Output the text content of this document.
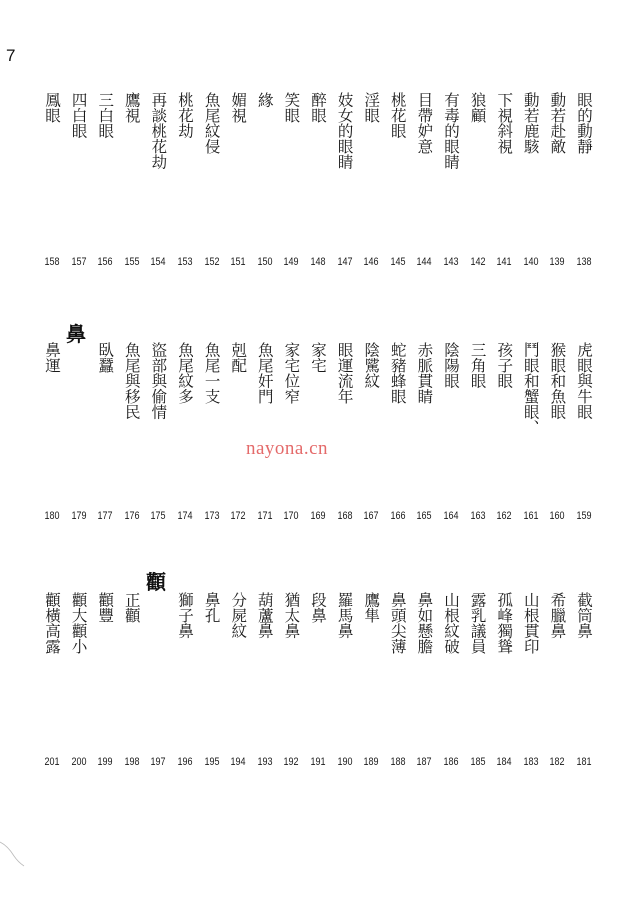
7
眼的動靜
動若赴敵
動若鹿駭
下視斜視
狼顧
有毒的眼睛
目帶妒意
桃花眼
淫眼
妓女的眼睛
醉眼
笑眼
緣
媚視
魚尾紋侵
桃花劫
再談桃花劫
鷹視
三白眼
四白眼
鳳眼
138
139
140
141
142
143
144
145
146
147
148
149
150
151
152
153
154
155
156
157
158
鼻
虎眼與牛眼
猴眼和魚眼
鬥眼和蟹眼、
孩子眼
三角眼
陰陽眼
赤脈貫睛
蛇豬蜂眼
陰騭紋
眼運流年
家宅
家宅位窄
魚尾奸門
剋配
魚尾一支
魚尾紋多
盜部與偷情
魚尾與移民
臥蠶
鼻運
159
160
161
162
163
164
165
166
167
168
169
170
171
172
173
174
175
176
177
179
180
顴
截筒鼻
希臘鼻
山根貫印
孤峰獨聳
露乳議員
山根紋破
鼻如懸膽
鼻頭尖薄
鷹隼
羅馬鼻
段鼻
猶太鼻
葫蘆鼻
分屍紋
鼻孔
獅子鼻
正顴
顴豐
顴大顴小
顴橫高露
181
182
183
184
185
186
187
188
189
190
191
192
193
194
195
196
197
198
199
200
201
nayona.cn
